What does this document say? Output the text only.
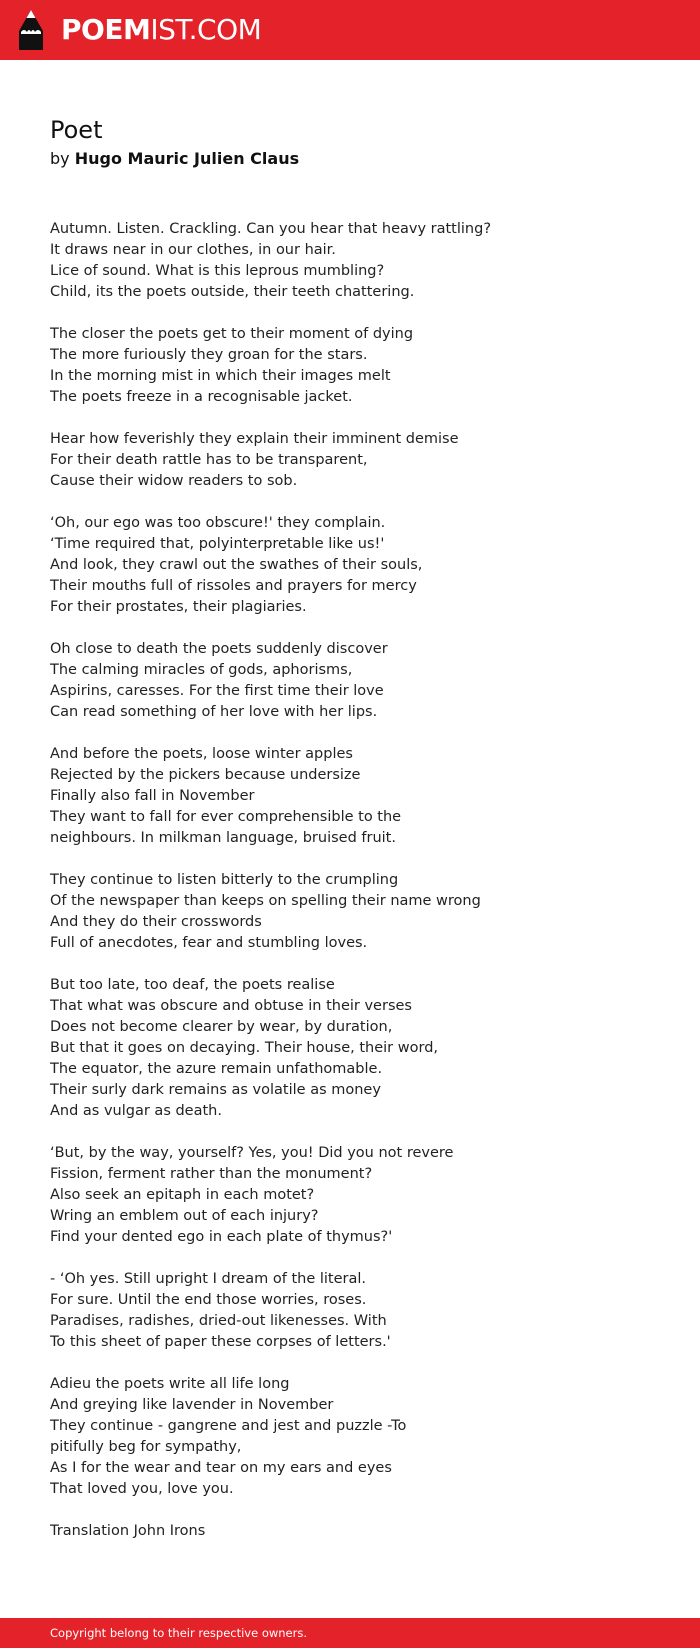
POEMIST.COM
Poet
by Hugo Mauric Julien Claus
Autumn. Listen. Crackling. Can you hear that heavy rattling?
It draws near in our clothes, in our hair.
Lice of sound. What is this leprous mumbling?
Child, its the poets outside, their teeth chattering.
The closer the poets get to their moment of dying
The more furiously they groan for the stars.
In the morning mist in which their images melt
The poets freeze in a recognisable jacket.
Hear how feverishly they explain their imminent demise
For their death rattle has to be transparent,
Cause their widow readers to sob.
‘Oh, our ego was too obscure!' they complain.
‘Time required that, polyinterpretable like us!'
And look, they crawl out the swathes of their souls,
Their mouths full of rissoles and prayers for mercy
For their prostates, their plagiaries.
Oh close to death the poets suddenly discover
The calming miracles of gods, aphorisms,
Aspirins, caresses. For the first time their love
Can read something of her love with her lips.
And before the poets, loose winter apples
Rejected by the pickers because undersize
Finally also fall in November
They want to fall for ever comprehensible to the
neighbours. In milkman language, bruised fruit.
They continue to listen bitterly to the crumpling
Of the newspaper than keeps on spelling their name wrong
And they do their crosswords
Full of anecdotes, fear and stumbling loves.
But too late, too deaf, the poets realise
That what was obscure and obtuse in their verses
Does not become clearer by wear, by duration,
But that it goes on decaying. Their house, their word,
The equator, the azure remain unfathomable.
Their surly dark remains as volatile as money
And as vulgar as death.
‘But, by the way, yourself? Yes, you! Did you not revere
Fission, ferment rather than the monument?
Also seek an epitaph in each motet?
Wring an emblem out of each injury?
Find your dented ego in each plate of thymus?'
- ‘Oh yes. Still upright I dream of the literal.
For sure. Until the end those worries, roses.
Paradises, radishes, dried-out likenesses. With
To this sheet of paper these corpses of letters.'
Adieu the poets write all life long
And greying like lavender in November
They continue - gangrene and jest and puzzle -To
pitifully beg for sympathy,
As I for the wear and tear on my ears and eyes
That loved you, love you.
Translation John Irons
Copyright belong to their respective owners.
